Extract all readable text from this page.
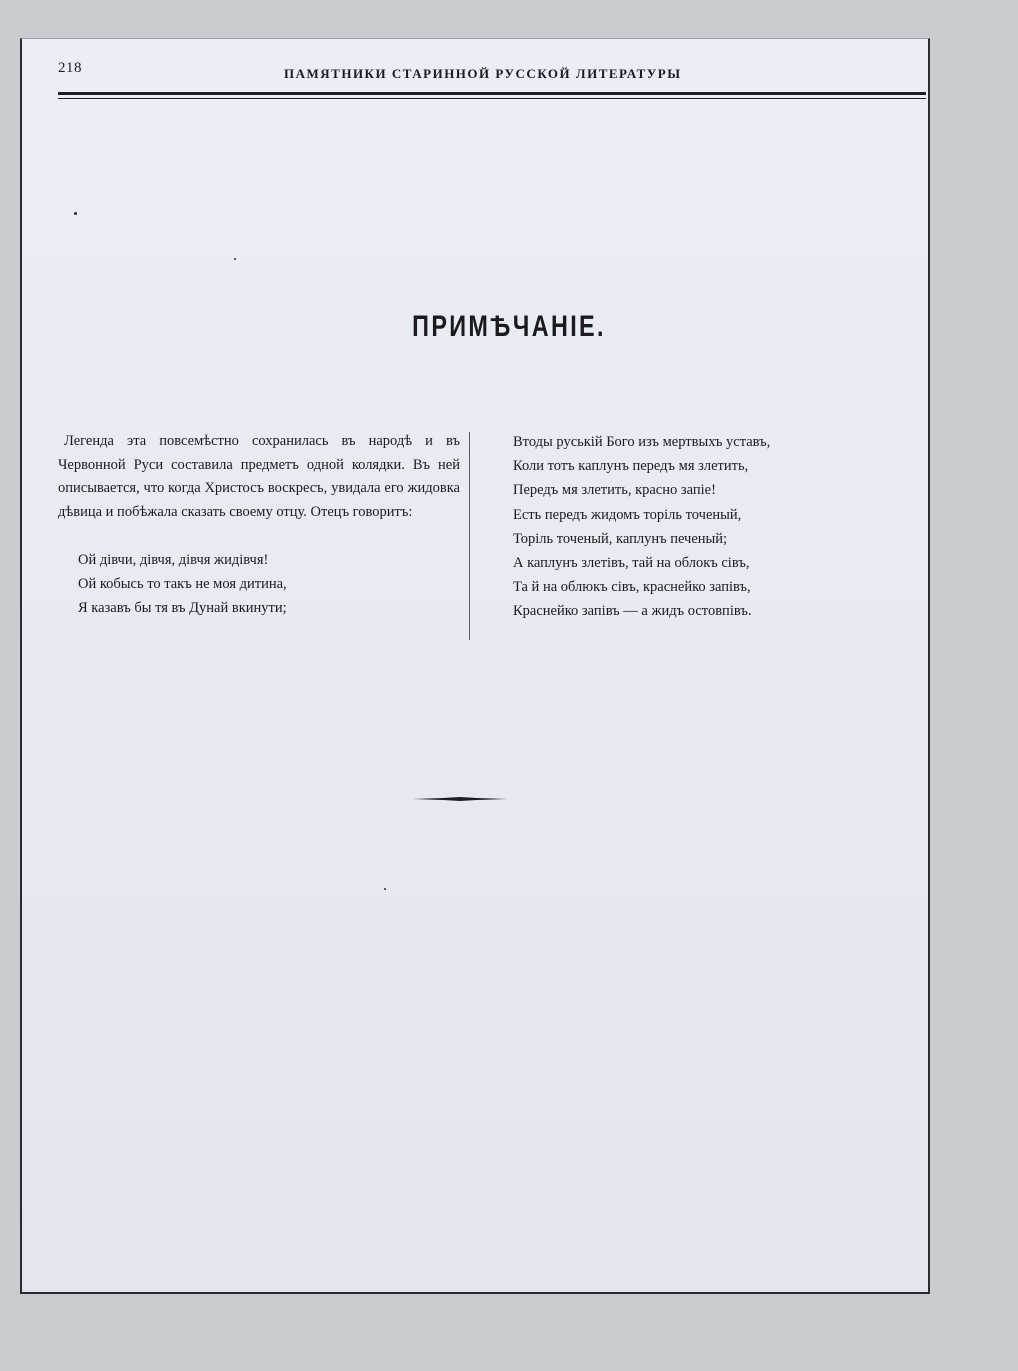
218	ПАМЯТНИКИ СТАРИННОЙ РУССКОЙ ЛИТЕРАТУРЫ
ПРИМѢЧАНIЕ.

Легенда эта повсемѣстно сохранилась въ народѣ и въ Червонной Руси составила предметъ одной колядки. Въ ней описывается, что когда Христосъ воскресъ, увидала его жидовка дѣвица и побѣжала сказать своему отцу. Отецъ говоритъ:

Ой дівчи, дівчя, дівчя жидівчя!
Ой кобысь то такъ не моя дитина,
Я казавъ бы тя въ Дунай вкинути;
Втоды руській Бого изъ мертвыхъ уставъ,
Коли тотъ каплунъ передъ мя злетить,
Передъ мя злетить, красно запіе!
Есть передъ жидомъ торіль точеный,
Торіль точеный, каплунъ печеный;
А каплунъ злетівъ, тай на облокъ сівъ,
Та й на облюкъ сівъ, краснейко запівъ,
Краснейко запівъ — а жидъ остовпівъ.
